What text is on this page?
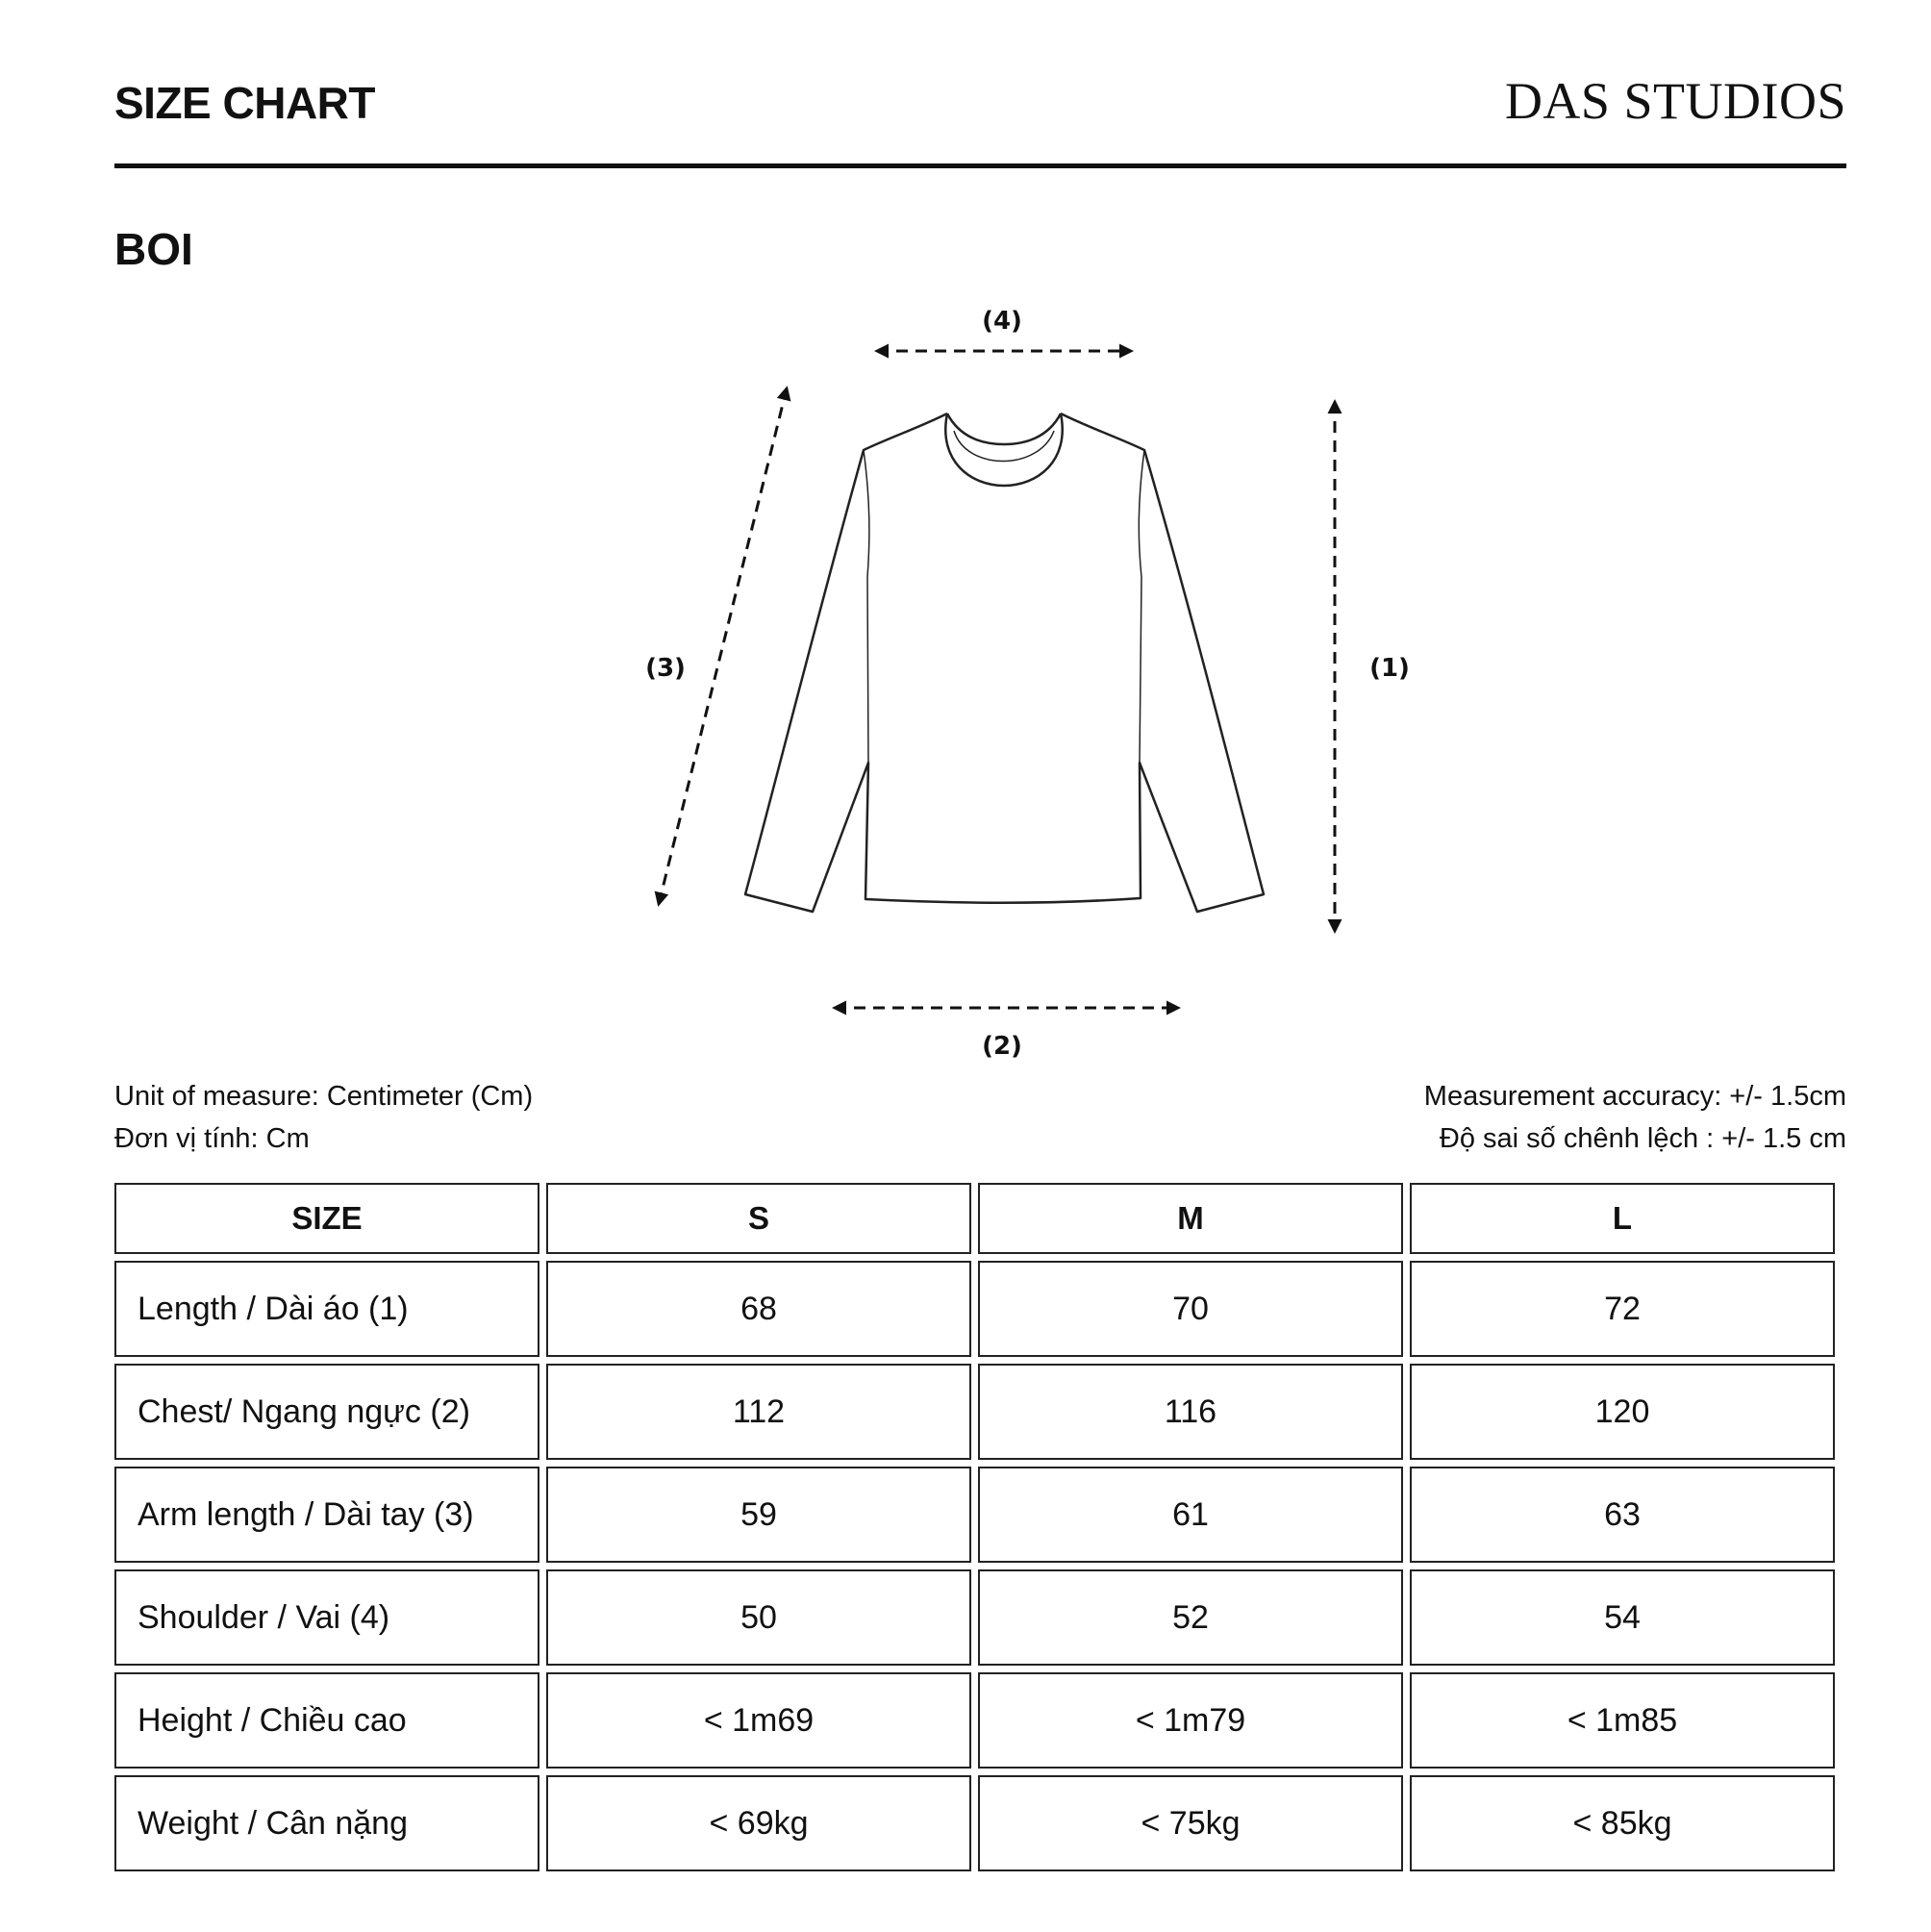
SIZE CHART	DAS STUDIOS
BOI
(4)
(2)
(1)
(3)
Unit of measure: Centimeter (Cm)
Đơn vị tính: Cm
Measurement accuracy: +/- 1.5cm
Độ sai số chênh lệch : +/- 1.5 cm
SIZE	S	M	L
Length / Dài áo (1)	68	70	72
Chest/ Ngang ngực (2)	112	116	120
Arm length / Dài tay (3)	59	61	63
Shoulder / Vai (4)	50	52	54
Height / Chiều cao	< 1m69	< 1m79	< 1m85
Weight / Cân nặng	< 69kg	< 75kg	< 85kg
